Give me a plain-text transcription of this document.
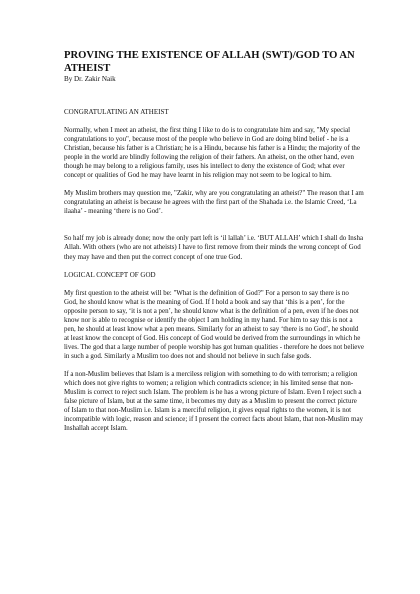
PROVING THE EXISTENCE OF ALLAH (SWT)/GOD TO AN ATHEIST

By Dr. Zakir Naik

CONGRATULATING AN ATHEIST

Normally, when I meet an atheist, the first thing I like to do is to congratulate him and say, "My special congratulations to you", because most of the people who believe in God are doing blind belief - he is a Christian, because his father is a Christian; he is a Hindu, because his father is a Hindu; the majority of the people in the world are blindly following the religion of their fathers. An atheist, on the other hand, even though he may belong to a religious family, uses his intellect to deny the existence of God; what ever concept or qualities of God he may have learnt in his religion may not seem to be logical to him.

My Muslim brothers may question me, "Zakir, why are you congratulating an atheist?" The reason that I am congratulating an atheist is because he agrees with the first part of the Shahada i.e. the Islamic Creed, ‘La ilaaha’ - meaning ‘there is no God’.

So half my job is already done; now the only part left is ‘il lallah’ i.e. ‘BUT ALLAH’ which I shall do Insha Allah. With others (who are not atheists) I have to first remove from their minds the wrong concept of God they may have and then put the correct concept of one true God.

LOGICAL CONCEPT OF GOD

My first question to the atheist will be: "What is the definition of God?" For a person to say there is no God, he should know what is the meaning of God. If I hold a book and say that ‘this is a pen’, for the opposite person to say, ‘it is not a pen’, he should know what is the definition of a pen, even if he does not know nor is able to recognise or identify the object I am holding in my hand. For him to say this is not a pen, he should at least know what a pen means. Similarly for an atheist to say ‘there is no God’, he should at least know the concept of God. His concept of God would be derived from the surroundings in which he lives. The god that a large number of people worship has got human qualities - therefore he does not believe in such a god. Similarly a Muslim too does not and should not believe in such false gods.

If a non-Muslim believes that Islam is a merciless religion with something to do with terrorism; a religion which does not give rights to women; a religion which contradicts science; in his limited sense that non-Muslim is correct to reject such Islam. The problem is he has a wrong picture of Islam. Even I reject such a false picture of Islam, but at the same time, it becomes my duty as a Muslim to present the correct picture of Islam to that non-Muslim i.e. Islam is a merciful religion, it gives equal rights to the women, it is not incompatible with logic, reason and science; if I present the correct facts about Islam, that non-Muslim may Inshallah accept Islam.
